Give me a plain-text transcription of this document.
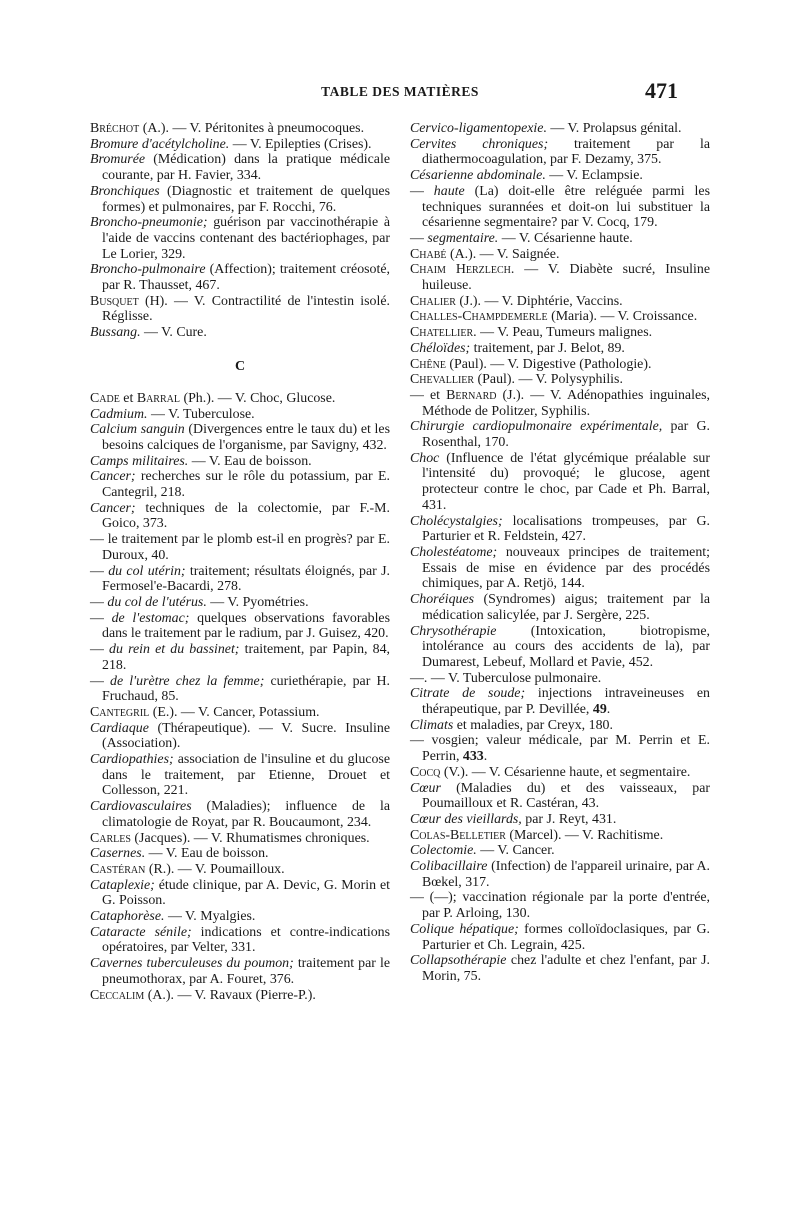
TABLE DES MATIÈRES	471

Bréchot (A.). — V. Péritonites à pneumocoques.

Bromure d'acétylcholine. — V. Epilepties (Crises).

Bromurée (Médication) dans la pratique médicale courante, par H. Favier, 334.

Bronchiques (Diagnostic et traitement de quelques formes) et pulmonaires, par F. Rocchi, 76.

Broncho-pneumonie; guérison par vaccinothérapie à l'aide de vaccins contenant des bactériophages, par Le Lorier, 329.

Broncho-pulmonaire (Affection); traitement créosoté, par R. Thausset, 467.

Busquet (H). — V. Contractilité de l'intestin isolé. Réglisse.

Bussang. — V. Cure.

C

Cade et Barral (Ph.). — V. Choc, Glucose.

Cadmium. — V. Tuberculose.

Calcium sanguin (Divergences entre le taux du) et les besoins calciques de l'organisme, par Savigny, 432.

Camps militaires. — V. Eau de boisson.

Cancer; recherches sur le rôle du potassium, par E. Cantegril, 218.

Cancer; techniques de la colectomie, par F.-M. Goico, 373.

— le traitement par le plomb est-il en progrès? par E. Duroux, 40.

— du col utérin; traitement; résultats éloignés, par J. Fermosel'e-Bacardi, 278.

— du col de l'utérus. — V. Pyométries.

— de l'estomac; quelques observations favorables dans le traitement par le radium, par J. Guisez, 420.

— du rein et du bassinet; traitement, par Papin, 84, 218.

— de l'urètre chez la femme; curiethérapie, par H. Fruchaud, 85.

Cantegril (E.). — V. Cancer, Potassium.

Cardiaque (Thérapeutique). — V. Sucre. Insuline (Association).

Cardiopathies; association de l'insuline et du glucose dans le traitement, par Etienne, Drouet et Collesson, 221.

Cardiovasculaires (Maladies); influence de la climatologie de Royat, par R. Boucaumont, 234.

Carles (Jacques). — V. Rhumatismes chroniques.

Casernes. — V. Eau de boisson.

Castéran (R.). — V. Poumailloux.

Cataplexie; étude clinique, par A. Devic, G. Morin et G. Poisson.

Cataphorèse. — V. Myalgies.

Cataracte sénile; indications et contre-indications opératoires, par Velter, 331.

Cavernes tuberculeuses du poumon; traitement par le pneumothorax, par A. Fouret, 376.

Ceccalim (A.). — V. Ravaux (Pierre-P.).

Cervico-ligamentopexie. — V. Prolapsus génital.

Cervites chroniques; traitement par la diathermocoagulation, par F. Dezamy, 375.

Césarienne abdominale. — V. Eclampsie.

— haute (La) doit-elle être reléguée parmi les techniques surannées et doit-on lui substituer la césarienne segmentaire? par V. Cocq, 179.

— segmentaire. — V. Césarienne haute.

Chabé (A.). — V. Saignée.

Chaim Herzlech. — V. Diabète sucré, Insuline huileuse.

Chalier (J.). — V. Diphtérie, Vaccins.

Challes-Champdemerle (Maria). — V. Croissance.

Chatellier. — V. Peau, Tumeurs malignes.

Chéloïdes; traitement, par J. Belot, 89.

Chêne (Paul). — V. Digestive (Pathologie).

Chevallier (Paul). — V. Polysyphilis.

— et Bernard (J.). — V. Adénopathies inguinales, Méthode de Politzer, Syphilis.

Chirurgie cardiopulmonaire expérimentale, par G. Rosenthal, 170.

Choc (Influence de l'état glycémique préalable sur l'intensité du) provoqué; le glucose, agent protecteur contre le choc, par Cade et Ph. Barral, 431.

Cholécystalgies; localisations trompeuses, par G. Parturier et R. Feldstein, 427.

Cholestéatome; nouveaux principes de traitement; Essais de mise en évidence par des procédés chimiques, par A. Retjö, 144.

Choréiques (Syndromes) aigus; traitement par la médication salicylée, par J. Sergère, 225.

Chrysothérapie (Intoxication, biotropisme, intolérance au cours des accidents de la), par Dumarest, Lebeuf, Mollard et Pavie, 452.

—. — V. Tuberculose pulmonaire.

Citrate de soude; injections intraveineuses en thérapeutique, par P. Devillée, 49.

Climats et maladies, par Creyx, 180.

— vosgien; valeur médicale, par M. Perrin et E. Perrin, 433.

Cocq (V.). — V. Césarienne haute, et segmentaire.

Cœur (Maladies du) et des vaisseaux, par Poumailloux et R. Castéran, 43.

Cœur des vieillards, par J. Reyt, 431.

Colas-Belletier (Marcel). — V. Rachitisme.

Colectomie. — V. Cancer.

Colibacillaire (Infection) de l'appareil urinaire, par A. Bœkel, 317.

— (—); vaccination régionale par la porte d'entrée, par P. Arloing, 130.

Colique hépatique; formes colloïdoclasiques, par G. Parturier et Ch. Legrain, 425.

Collapsothérapie chez l'adulte et chez l'enfant, par J. Morin, 75.
